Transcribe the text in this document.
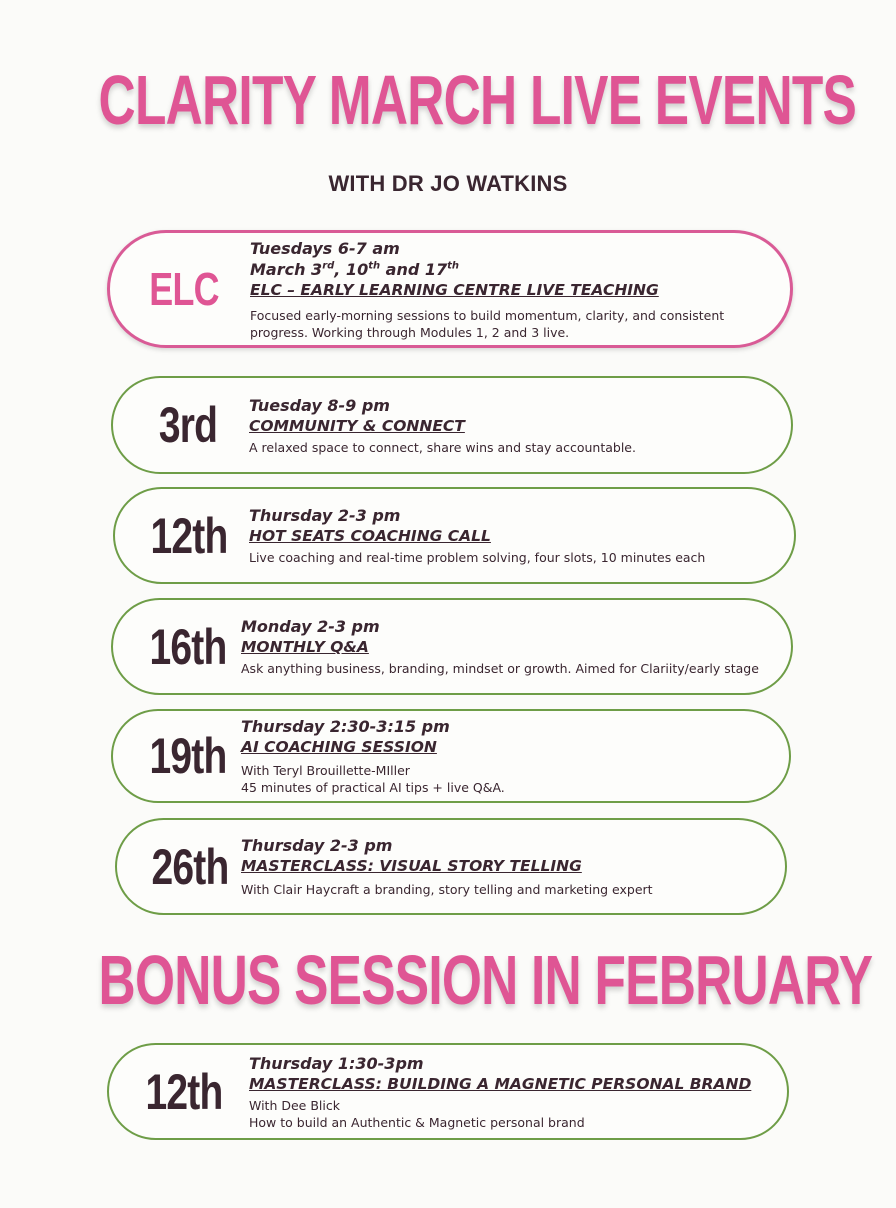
CLARITY MARCH LIVE EVENTS
WITH DR JO WATKINS
ELC
Tuesdays 6-7 am
March 3rd, 10th and 17th
ELC – EARLY LEARNING CENTRE LIVE TEACHING
Focused early-morning sessions to build momentum, clarity, and consistent progress. Working through Modules 1, 2 and 3 live.
3rd	Tuesday 8-9 pm
COMMUNITY & CONNECT
A relaxed space to connect, share wins and stay accountable.
12th	Thursday 2-3 pm
HOT SEATS COACHING CALL
Live coaching and real-time problem solving, four slots, 10 minutes each
16th Monday 2-3 pm
MONTHLY Q&A
Ask anything business, branding, mindset or growth. Aimed for Clariity/early stage
19th
Thursday 2:30-3:15 pm
AI COACHING SESSION
With Teryl Brouillette-MIller
45 minutes of practical AI tips + live Q&A.
26th Thursday 2-3 pm
MASTERCLASS: VISUAL STORY TELLING
With Clair Haycraft a branding, story telling and marketing expert
BONUS SESSION IN FEBRUARY
12th
Thursday 1:30-3pm
MASTERCLASS: BUILDING A MAGNETIC PERSONAL BRAND
With Dee Blick
How to build an Authentic & Magnetic personal brand
